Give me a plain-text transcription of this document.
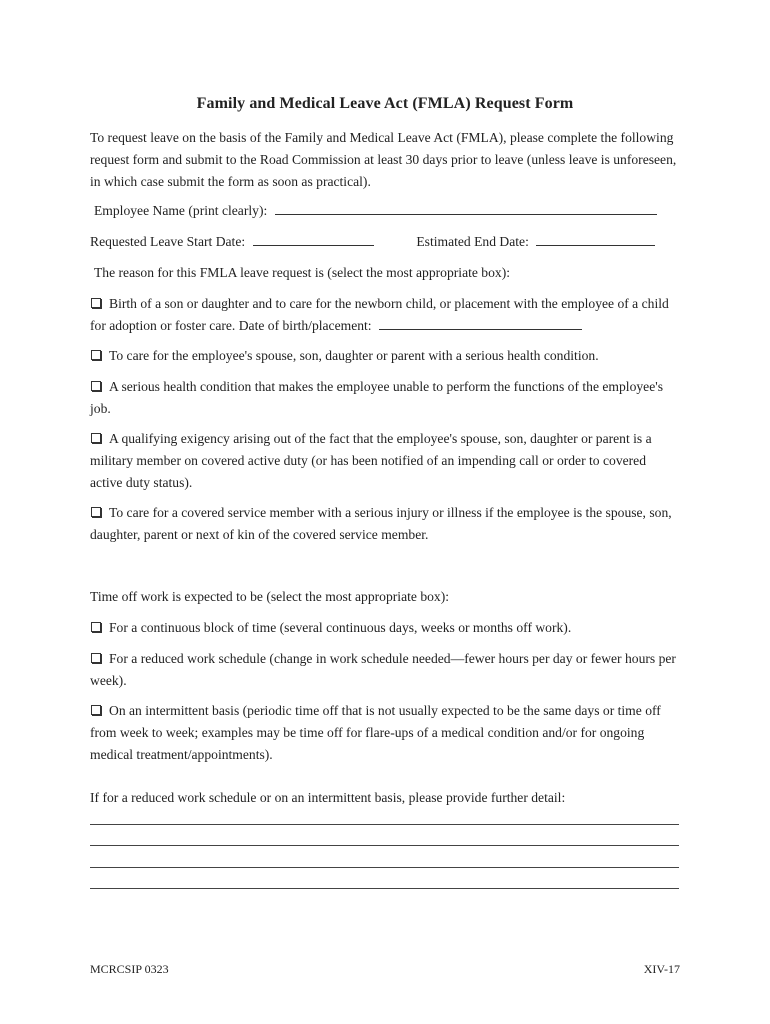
Family and Medical Leave Act (FMLA) Request Form
To request leave on the basis of the Family and Medical Leave Act (FMLA), please complete the following request form and submit to the Road Commission at least 30 days prior to leave (unless leave is unforeseen, in which case submit the form as soon as practical).
Employee Name (print clearly):
Requested Leave Start Date:	Estimated End Date:
The reason for this FMLA leave request is (select the most appropriate box):
Birth of a son or daughter and to care for the newborn child, or placement with the employee of a child for adoption or foster care. Date of birth/placement:
To care for the employee's spouse, son, daughter or parent with a serious health condition.
A serious health condition that makes the employee unable to perform the functions of the employee's job.
A qualifying exigency arising out of the fact that the employee's spouse, son, daughter or parent is a military member on covered active duty (or has been notified of an impending call or order to covered active duty status).
To care for a covered service member with a serious injury or illness if the employee is the spouse, son, daughter, parent or next of kin of the covered service member.
Time off work is expected to be (select the most appropriate box):
For a continuous block of time (several continuous days, weeks or months off work).
For a reduced work schedule (change in work schedule needed—fewer hours per day or fewer hours per week).
On an intermittent basis (periodic time off that is not usually expected to be the same days or time off from week to week; examples may be time off for flare-ups of a medical condition and/or for ongoing medical treatment/appointments).
If for a reduced work schedule or on an intermittent basis, please provide further detail:
MCRCSIP 0323	XIV-17
